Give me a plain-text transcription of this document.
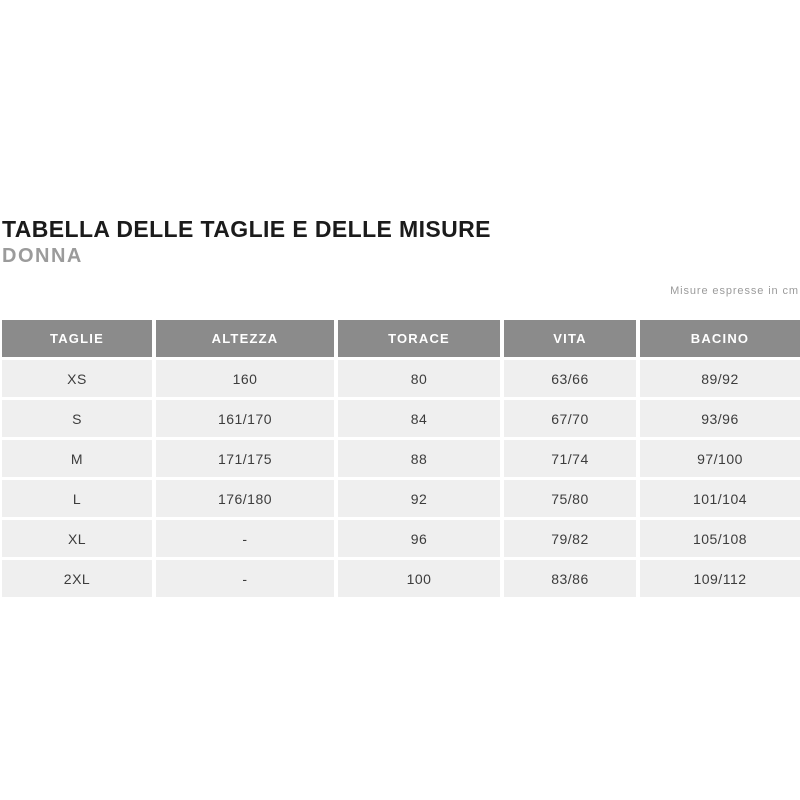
TABELLA DELLE TAGLIE E DELLE MISURE
DONNA
Misure espresse in cm
TAGLIE	ALTEZZA	TORACE	VITA	BACINO
XS	160	80	63/66	89/92
S	161/170	84	67/70	93/96
M	171/175	88	71/74	97/100
L	176/180	92	75/80	101/104
XL	-	96	79/82	105/108
2XL	-	100	83/86	109/112
